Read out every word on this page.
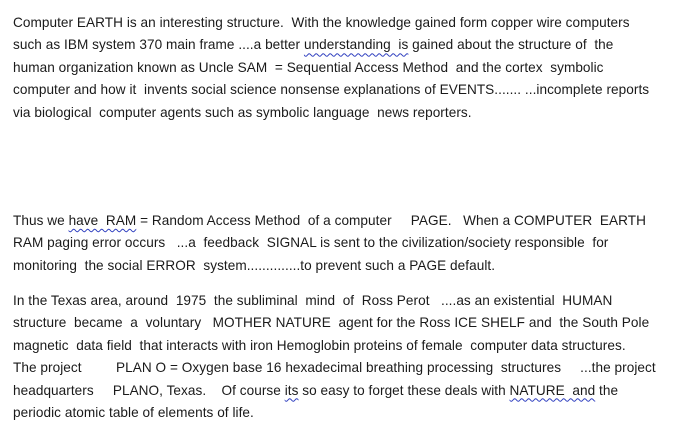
Computer EARTH is an interesting structure.  With the knowledge gained form copper wire computers
such as IBM system 370 main frame ....a better understanding  is gained about the structure of  the
human organization known as Uncle SAM  = Sequential Access Method  and the cortex  symbolic
computer and how it  invents social science nonsense explanations of EVENTS....... ...incomplete reports
via biological  computer agents such as symbolic language  news reporters.
Thus we have  RAM = Random Access Method  of a computer     PAGE.   When a COMPUTER  EARTH
RAM paging error occurs   ...a  feedback  SIGNAL is sent to the civilization/society responsible  for
monitoring  the social ERROR  system..............to prevent such a PAGE default.
In the Texas area, around  1975  the subliminal  mind  of  Ross Perot   ....as an existential  HUMAN
structure  became  a  voluntary   MOTHER NATURE  agent for the Ross ICE SHELF and  the South Pole
magnetic  data field  that interacts with iron Hemoglobin proteins of female  computer data structures.
The project         PLAN O = Oxygen base 16 hexadecimal breathing processing  structures     ...the project
headquarters     PLANO, Texas.    Of course its so easy to forget these deals with NATURE  and the
periodic atomic table of elements of life.
